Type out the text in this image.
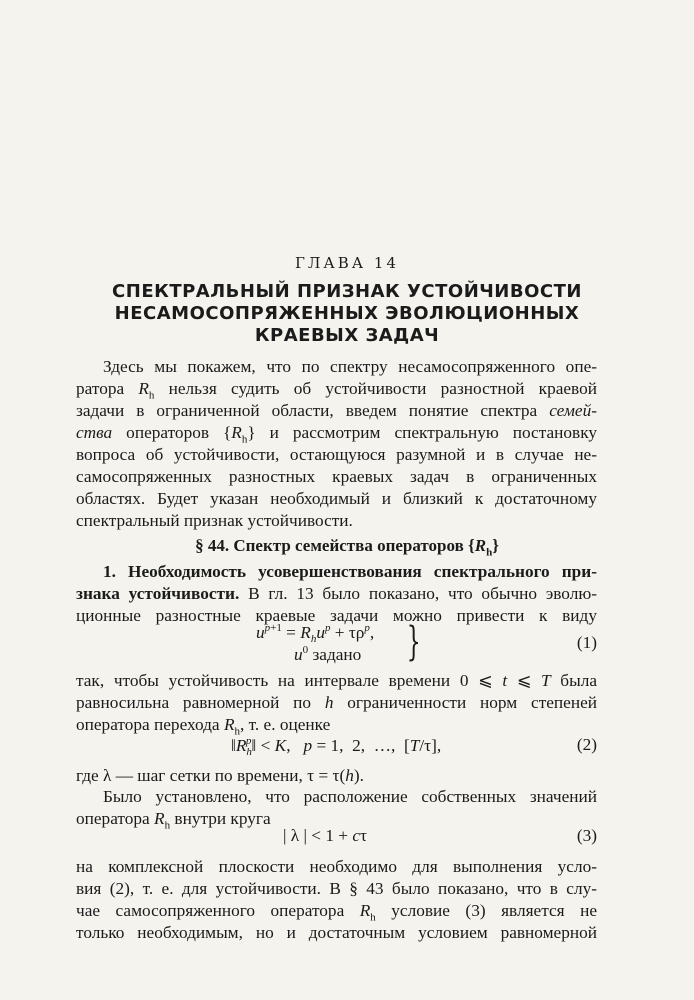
ГЛАВА 14
СПЕКТРАЛЬНЫЙ ПРИЗНАК УСТОЙЧИВОСТИ
НЕСАМОСОПРЯЖЕННЫХ ЭВОЛЮЦИОННЫХ
КРАЕВЫХ ЗАДАЧ
Здесь мы покажем, что по спектру несамосопряженного опе-
ратора $R_h$ нельзя судить об устойчивости разностной краевой
задачи в ограниченной области, введем понятие спектра семей-
ства операторов $\{R_h\}$ и рассмотрим спектральную постановку
вопроса об устойчивости, остающуюся разумной и в случае не-
самосопряженных разностных краевых задач в ограниченных
областях. Будет указан необходимый и близкий к достаточному
спектральный признак устойчивости.
§ 44. Спектр семейства операторов $\{R_h\}$
1. Необходимость усовершенствования спектрального при-
знака устойчивости. В гл. 13 было показано, что обычно эволю-
ционные разностные краевые задачи можно привести к виду
$u^{p+1} = R_hu^p + \tau\rho^p$,
$u^0$ задано }	(1)
так, чтобы устойчивость на интервале времени 0 ⩽ t ⩽ T была
равносильна равномерной по h ограниченности норм степеней
оператора перехода $R_h$, т. е. оценке
$‖R_h^p‖ < K$,   p = 1,  2,  …,  [T/τ],	(2)
где λ — шаг сетки по времени, τ = τ(h).
Было установлено, что расположение собственных значений
оператора $R_h$ внутри круга
| λ | < 1 + cτ	(3)
на комплексной плоскости необходимо для выполнения усло-
вия (2), т. е. для устойчивости. В § 43 было показано, что в слу-
чае самосопряженного оператора $R_h$ условие (3) является не
только необходимым, но и достаточным условием равномерной
